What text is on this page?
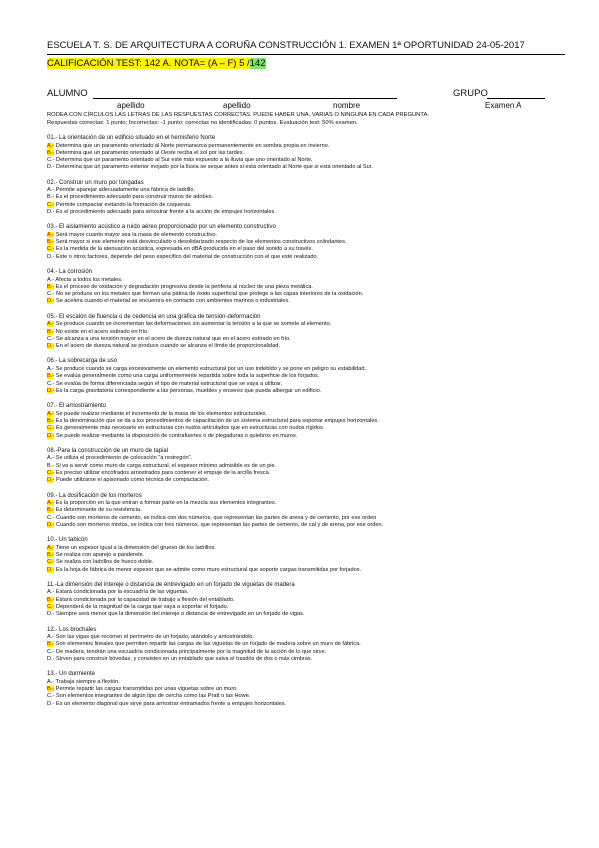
ESCUELA T. S. DE ARQUITECTURA A CORUÑA CONSTRUCCIÓN 1. EXAMEN 1ª OPORTUNIDAD 24-05-2017
CALIFICACIÓN TEST: 142 A. NOTA= (A – F) 5 /142
ALUMNO	GRUPO
apellido	apellido	nombre	Examen A
RODEA CON CÍRCULOS LAS LETRAS DE LAS RESPUESTAS CORRECTAS. PUEDE HABER UNA, VARIAS O NINGUNA EN CADA PREGUNTA.
Respuestas correctas: 1 punto; Incorrectas: -1 punto; correctas no identificadas: 0 puntos. Evaluación test: 50% examen.
01.- La orientación de un edificio situado en el hemisferio Norte
A.- Determina que un paramento orientado al Norte permanezca permanentemente en sombra propia en invierno.
B.- Determina que un paramento orientado al Oeste reciba el sol por las tardes.
C.- Determina que un paramento orientado al Sur esté más expuesto a la lluvia que uno orientado al Norte.
D.- Determina que un paramento exterior mojado por la lluvia se seque antes si está orientado al Norte que si está orientado al Sur.
02.- Construir un muro por tongadas
A.- Permite aparejar adecuadamente una fábrica de ladrillo.
B.- Es el procedimiento adecuado para construir muros de adobes.
C.- Permite compactar evitando la formación de coqueras.
D.- Es el procedimiento adecuado para arriostrar frente a la acción de empujes horizontales.
03.- El aislamiento acústico a ruido aéreo proporcionado por un elemento constructivo
A.- Será mayor cuanto mayor sea la masa de elemento constructivo.
B.- Será mayor si ese elemento está desvinculado o desolidarizado respecto de los elementos constructivos colindantes.
C.- Es la medida de la atenuación acústica, expresada en dBA producida en el paso del sonido a su través.
D.- Este o otros factores, depende del peso específico del material de construcción con el que esté realizado.
04.- La corrosión
A.- Afecta a todos los metales.
B.- Es el proceso de oxidación y degradación progresiva desde la periferia al núcleo de una pieza metálica.
C.- No se produce en los metales que forman una pátina de óxido superficial que protege a las capas interiores de la oxidación.
D.- Se acelera cuando el material se encuentra en contacto con ambientes marinos o industriales.
05.- El escalón de fluencia o de cedencia en una gráfica de tensión-deformación
A.- Se produce cuando se incrementan las deformaciones sin aumentar la tensión a la que se somete al elemento.
B.- No existe en el acero estirado en frío.
C.- Se alcanza a una tensión mayor en el acero de dureza natural que en el acero estirado en frío.
D.- En el acero de dureza natural se produce cuando se alcanza el límite de proporcionalidad.
06.- La sobrecarga de uso
A.- Se produce cuando se carga excesivamente un elemento estructural por un uso indebido y se pone en peligro su estabilidad.
B.- Se evalúa generalmente como una carga uniformemente repartida sobre toda la superficie de los forjados.
C.- Se evalúa de forma diferenciada según el tipo de material estructural que se vaya a utilizar.
D.- Es la carga gravitatoria correspondiente a las personas, muebles y enseres que pueda albergar un edificio.
07.- El arriostramiento
A.- Se puede realizar mediante el incremento de la masa de los elementos estructurales.
B.- Es la denominación que se da a los procedimientos de capacitación de un sistema estructural para soportar empujes horizontales.
C.- Es generalmente más necesario en estructuras con nudos articulados que en estructuras con nudos rígidos.
D.- Se puede realizar mediante la disposición de contrafuertes o de plegaduras o quiebros en muros.
08.-Para la construcción de un muro de tapial
A.- Se utiliza el procedimiento de colocación "a restregón".
B.- Si va a servir como muro de carga estructural, el espesor mínimo admisible es de un pie.
C.- Es preciso utilizar encofrados arriostrados para contener el empuje de la arcilla fresca.
D.- Puede utilizarse el apisonado como técnica de compactación.
09.- La dosificación de los morteros
A.- Es la proporción en la que entran a formar parte en la mezcla sus elementos integrantes.
B.- Es determinante de su resistencia.
C.- Cuando son morteros de cemento, se indica con dos números, que representan las partes de arena y de cemento, por ese orden
D.- Cuando son morteros mixtos, se indica con tres números, que representan las partes de cemento, de cal y de arena, por ese orden.
10.- Un tabicón
A.- Tiene un espesor igual a la dimensión del grueso de los ladrillos.
B.- Se realiza con aparejo a panderete.
C.- Se realiza con ladrillos de hueco doble.
D.- Es la hoja de fábrica de menor espesor que se admite como muro estructural que soporte cargas transmitidas por forjados.
11.-La dimensión del intereje o distancia de entrevigado en un forjado de viguetas de madera
A.- Estará condicionada por la escuadría de las viguetas.
B.- Estará condicionada por la capacidad de trabajo a flexión del entablado.
C.- Dependerá de la magnitud de la carga que vaya a soportar el forjado.
D.- Siempre será menor que la dimensión del intereje o distancia de entrevigado en un forjado de vigas.
12.- Los brochales
A.- Son las vigas que recorren el perímetro de un forjado, atándolo y arriostrándolo.
B.- Son elementos lineales que permiten repartir las cargas de las viguetas de un forjado de madera sobre un muro de fábrica.
C.- De madera, tendrán una escuadría condicionada principalmente por la magnitud de la acción de lo que sirve.
D.- Sirven para construir bóvedas, y consisten en un entablado que salva el trasdós de dos o más cimbras.
13.- Un durmiente
A.- Trabaja siempre a flexión.
B.- Permite repartir las cargas transmitidas por unas viguetas sobre un muro.
C.- Son elementos integrantes de algún tipo de cercha como las Pratt o las Howe.
D.- Es un elemento diagonal que sirve para arriostrar entramados frente a empujes horizontales.
